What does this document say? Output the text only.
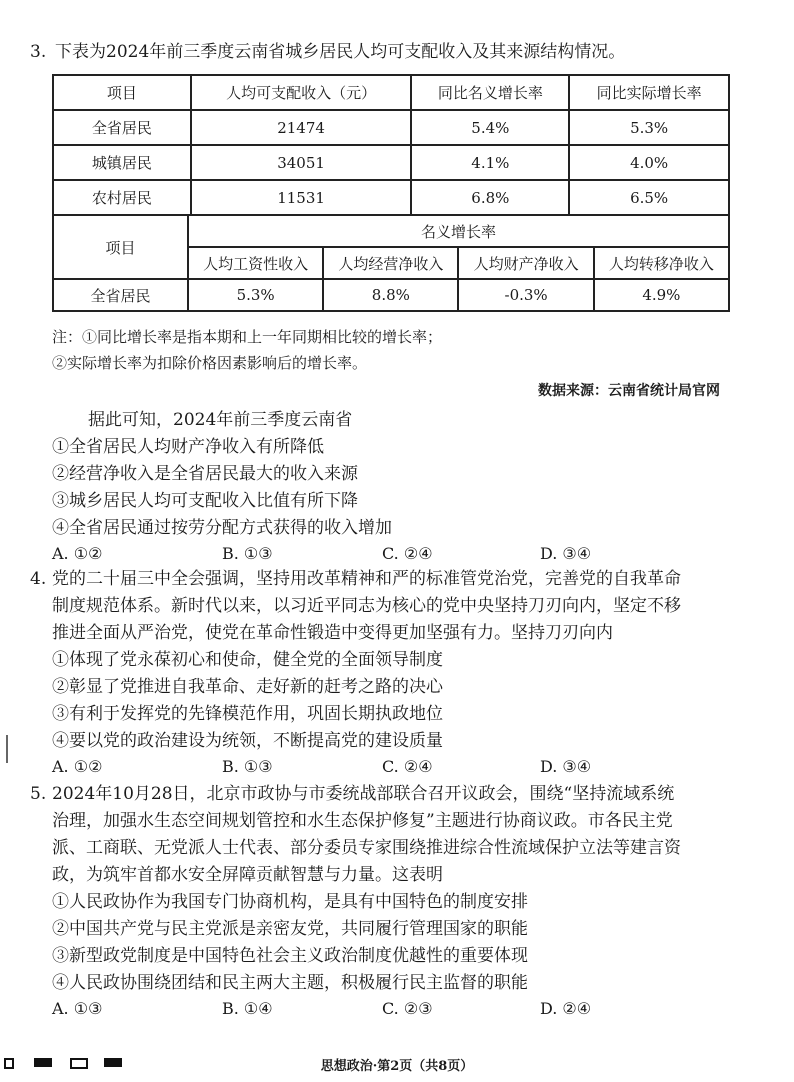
3. 下表为2024年前三季度云南省城乡居民人均可支配收入及其来源结构情况。
项目	人均可支配收入（元）	同比名义增长率	同比实际增长率
全省居民	21474	5.4%	5.3%
城镇居民	34051	4.1%	4.0%
农村居民	11531	6.8%	6.5%
项目	名义增长率			
	人均工资性收入	人均经营净收入	人均财产净收入	人均转移净收入
全省居民	5.3%	8.8%	-0.3%	4.9%
注：①同比增长率是指本期和上一年同期相比较的增长率；
②实际增长率为扣除价格因素影响后的增长率。
数据来源：云南省统计局官网
据此可知，2024年前三季度云南省
①全省居民人均财产净收入有所降低
②经营净收入是全省居民最大的收入来源
③城乡居民人均可支配收入比值有所下降
④全省居民通过按劳分配方式获得的收入增加
A. ①②	B. ①③	C. ②④	D. ③④
4. 党的二十届三中全会强调，坚持用改革精神和严的标准管党治党，完善党的自我革命
制度规范体系。新时代以来，以习近平同志为核心的党中央坚持刀刃向内，坚定不移
推进全面从严治党，使党在革命性锻造中变得更加坚强有力。坚持刀刃向内
①体现了党永葆初心和使命，健全党的全面领导制度
②彰显了党推进自我革命、走好新的赶考之路的决心
③有利于发挥党的先锋模范作用，巩固长期执政地位
④要以党的政治建设为统领，不断提高党的建设质量
A. ①②	B. ①③	C. ②④	D. ③④
5. 2024年10月28日，北京市政协与市委统战部联合召开议政会，围绕“坚持流域系统
治理，加强水生态空间规划管控和水生态保护修复”主题进行协商议政。市各民主党
派、工商联、无党派人士代表、部分委员专家围绕推进综合性流域保护立法等建言资
政，为筑牢首都水安全屏障贡献智慧与力量。这表明
①人民政协作为我国专门协商机构，是具有中国特色的制度安排
②中国共产党与民主党派是亲密友党，共同履行管理国家的职能
③新型政党制度是中国特色社会主义政治制度优越性的重要体现
④人民政协围绕团结和民主两大主题，积极履行民主监督的职能
A. ①③	B. ①④	C. ②③	D. ②④
思想政治·第2页（共8页）
